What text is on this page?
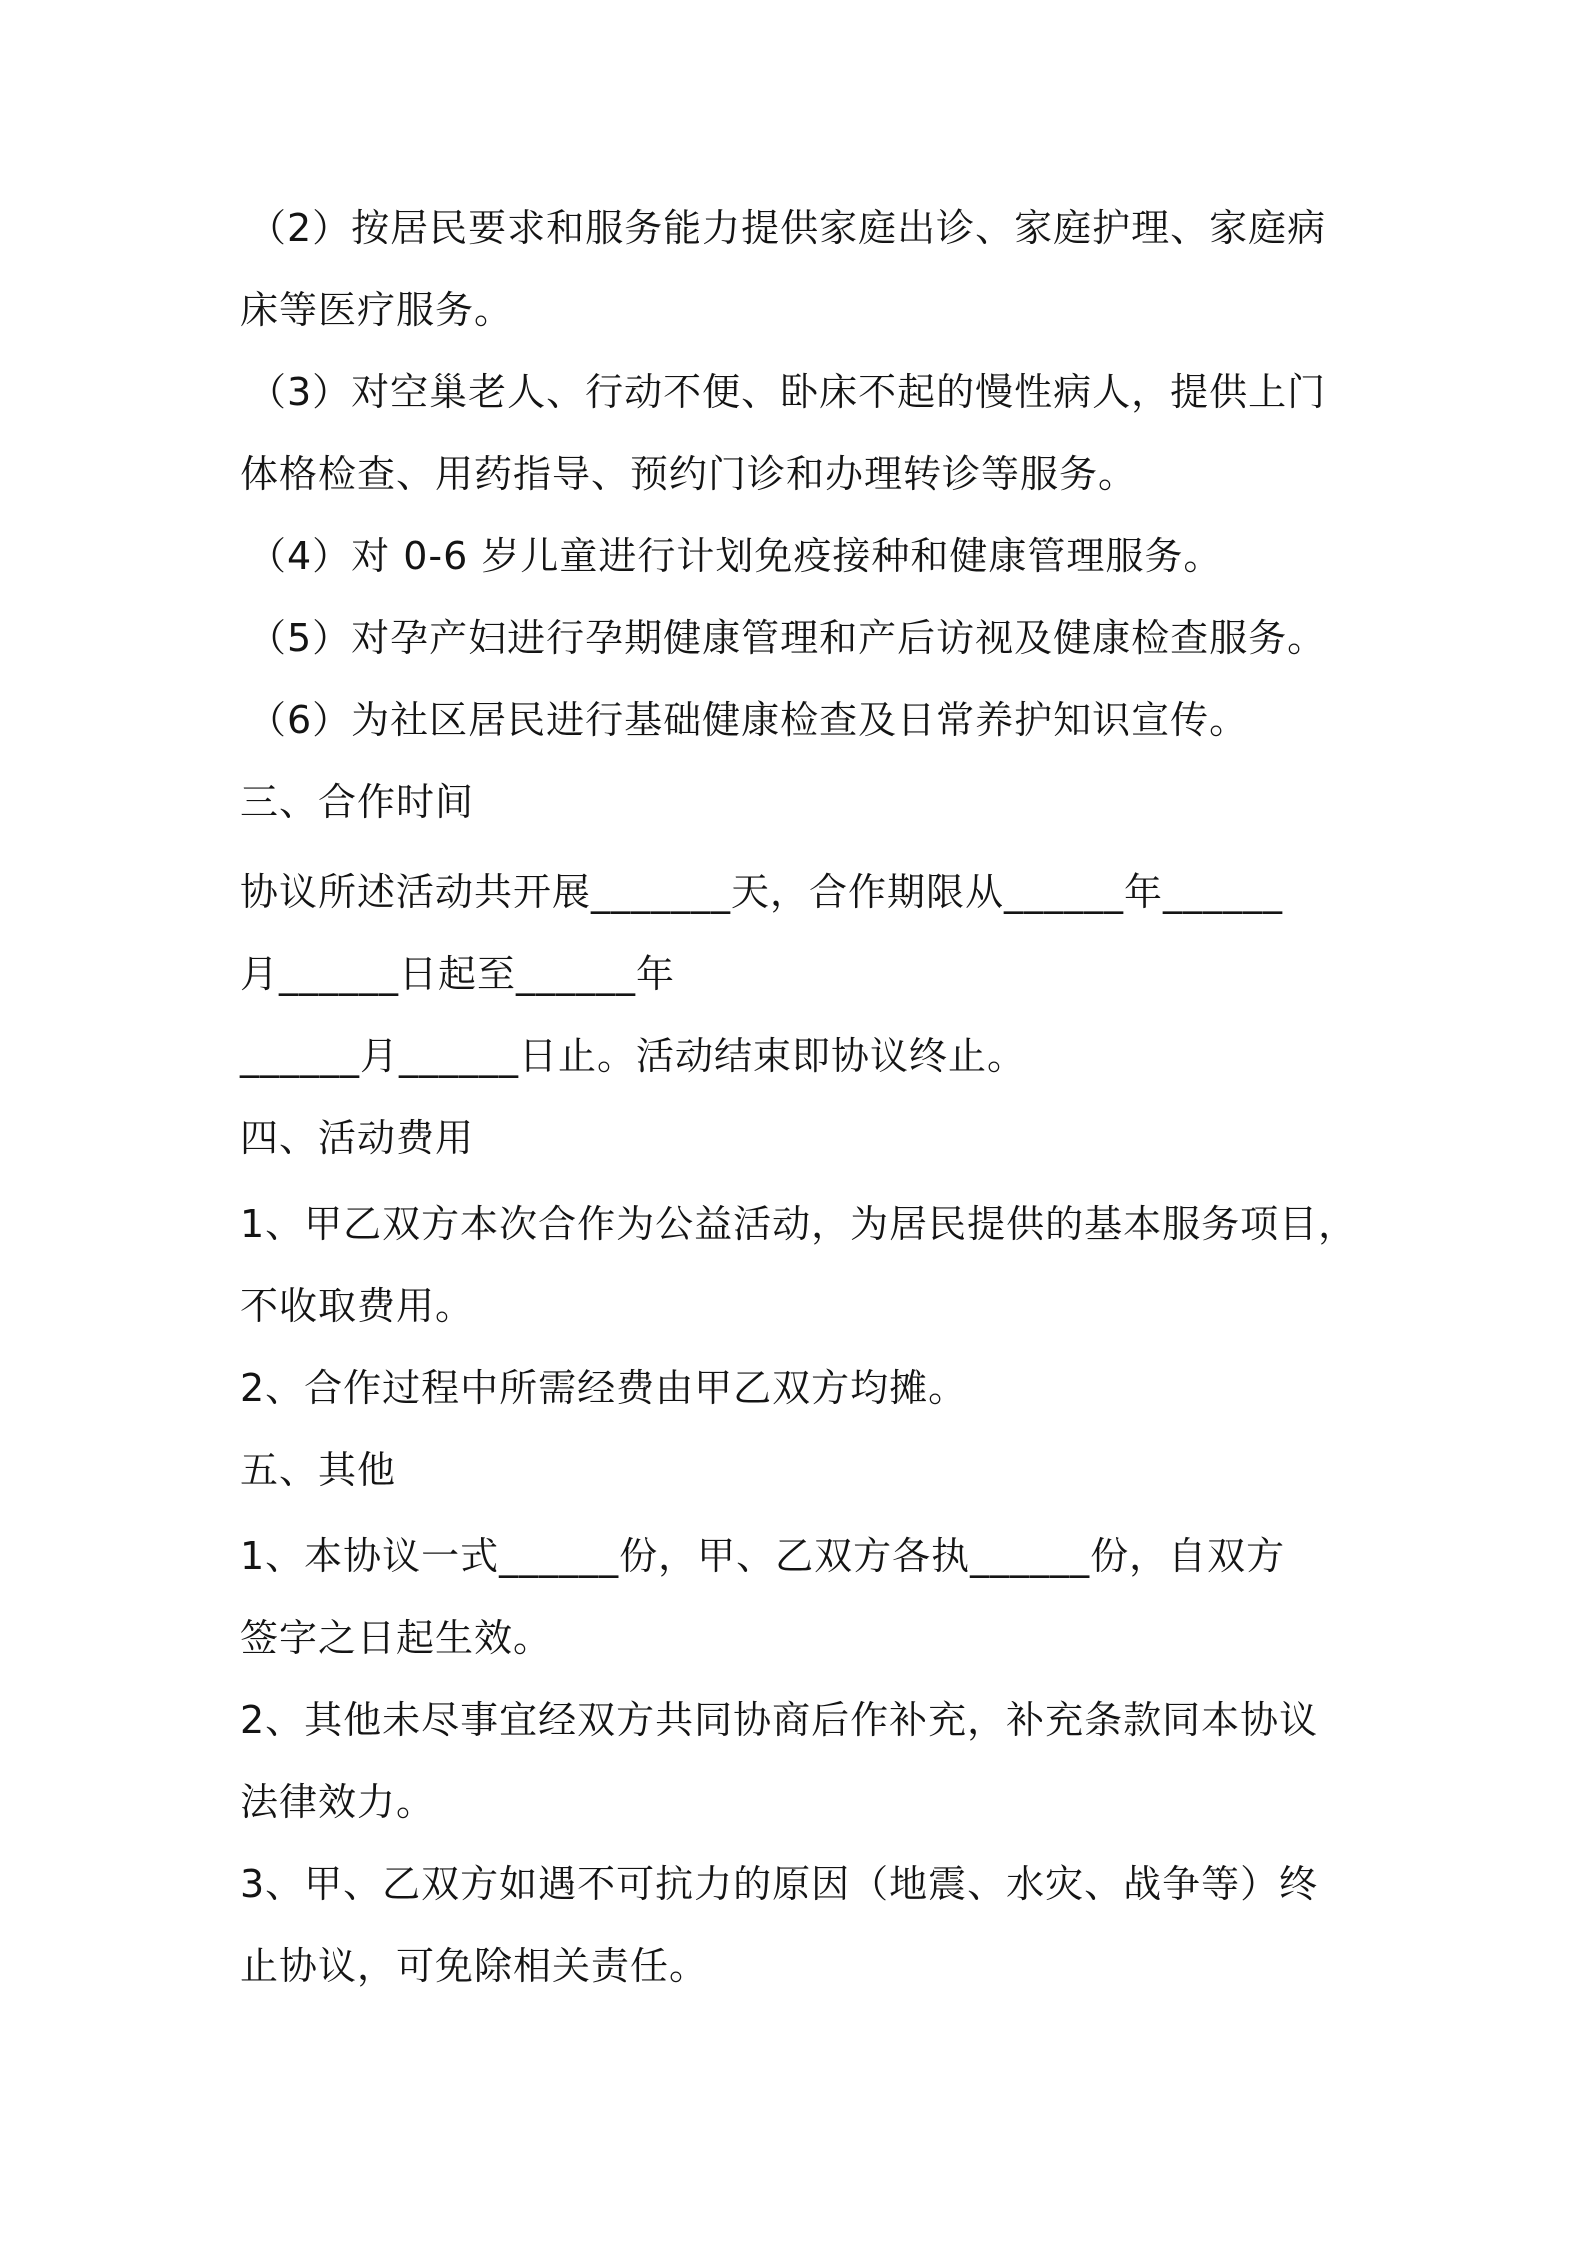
（2）按居民要求和服务能力提供家庭出诊、家庭护理、家庭病
床等医疗服务。
（3）对空巢老人、行动不便、卧床不起的慢性病人，提供上门
体格检查、用药指导、预约门诊和办理转诊等服务。
（4）对 0-6 岁儿童进行计划免疫接种和健康管理服务。
（5）对孕产妇进行孕期健康管理和产后访视及健康检查服务。
（6）为社区居民进行基础健康检查及日常养护知识宣传。
三、合作时间
协议所述活动共开展_______天，合作期限从______年______
月______日起至______年
______月______日止。活动结束即协议终止。
四、活动费用
1、甲乙双方本次合作为公益活动，为居民提供的基本服务项目，
不收取费用。
2、合作过程中所需经费由甲乙双方均摊。
五、其他
1、本协议一式______份，甲、乙双方各执______份，自双方
签字之日起生效。
2、其他未尽事宜经双方共同协商后作补充，补充条款同本协议
法律效力。
3、甲、乙双方如遇不可抗力的原因（地震、水灾、战争等）终
止协议，可免除相关责任。
